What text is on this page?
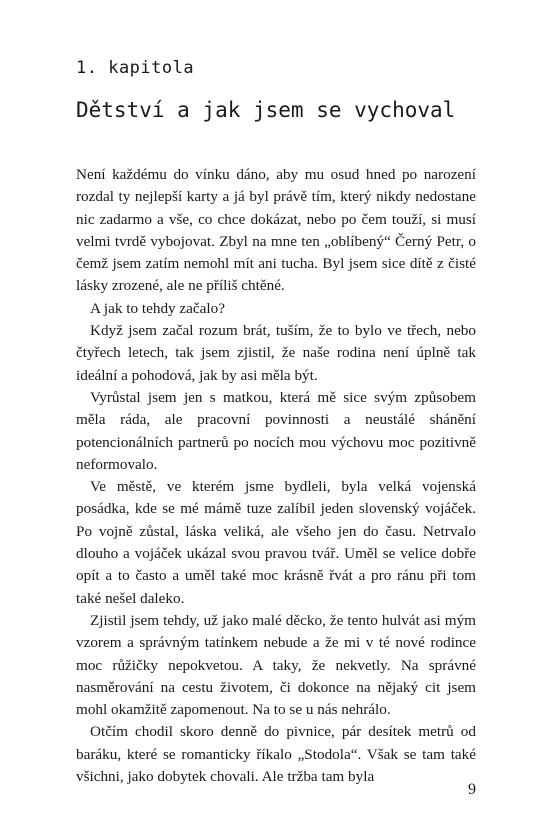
1. kapitola
Dětství a jak jsem se vychoval

Není každému do vínku dáno, aby mu osud hned po narození rozdal ty nejlepší karty a já byl právě tím, který nikdy nedostane nic zadarmo a vše, co chce dokázat, nebo po čem touží, si musí velmi tvrdě vybojovat. Zbyl na mne ten „oblíbený“ Černý Petr, o čemž jsem zatím nemohl mít ani tucha. Byl jsem sice dítě z čisté lásky zrozené, ale ne příliš chtěné.

A jak to tehdy začalo?

Když jsem začal rozum brát, tuším, že to bylo ve třech, nebo čtyřech letech, tak jsem zjistil, že naše rodina není úplně tak ideální a pohodová, jak by asi měla být.

Vyrůstal jsem jen s matkou, která mě sice svým způsobem měla ráda, ale pracovní povinnosti a neustálé shánění potencionálních partnerů po nocích mou výchovu moc pozitivně neformovalo.

Ve městě, ve kterém jsme bydleli, byla velká vojenská posádka, kde se mé mámě tuze zalíbil jeden slovenský vojáček. Po vojně zůstal, láska veliká, ale všeho jen do času. Netrvalo dlouho a vojáček ukázal svou pravou tvář. Uměl se velice dobře opít a to často a uměl také moc krásně řvát a pro ránu při tom také nešel daleko.

Zjistil jsem tehdy, už jako malé děcko, že tento hulvát asi mým vzorem a správným tatínkem nebude a že mi v té nové rodince moc růžičky nepokvetou. A taky, že nekvetly. Na správné nasměrování na cestu životem, či dokonce na nějaký cit jsem mohl okamžitě zapomenout. Na to se u nás nehrálo.

Otčím chodil skoro denně do pivnice, pár desítek metrů od baráku, které se romanticky říkalo „Stodola“. Však se tam také všichni, jako dobytek chovali. Ale tržba tam byla

9
